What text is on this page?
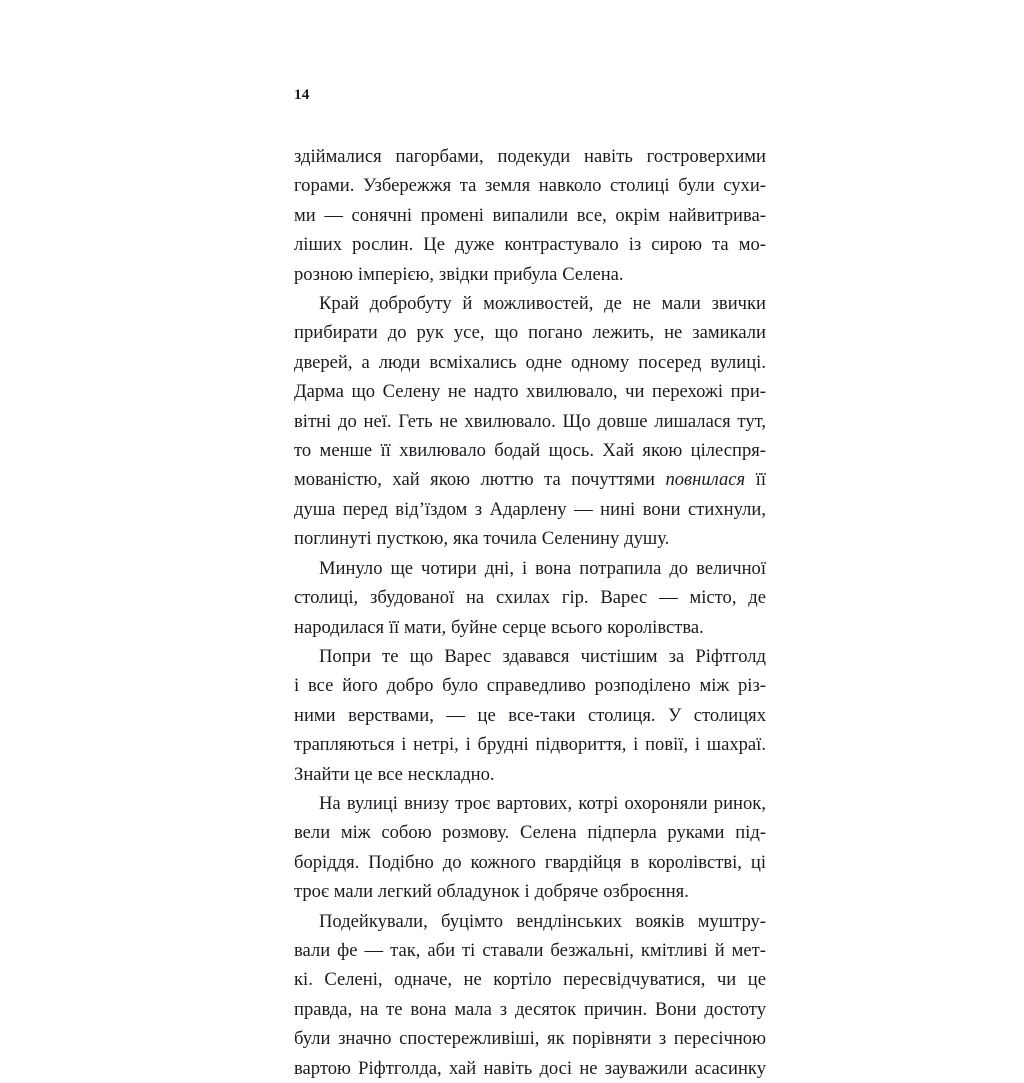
14

здіймалися пагорбами, подекуди навіть гостроверхими
горами. Узбережжя та земля навколо столиці були сухи-
ми — сонячні промені випалили все, окрім найвитрива-
ліших рослин. Це дуже контрастувало із сирою та мо-
розною імперією, звідки прибула Селена.

Край добробуту й можливостей, де не мали звички
прибирати до рук усе, що погано лежить, не замикали
дверей, а люди всміхались одне одному посеред вулиці.
Дарма що Селену не надто хвилювало, чи перехожі при-
вітні до неї. Геть не хвилювало. Що довше лишалася тут,
то менше її хвилювало бодай щось. Хай якою цілеспря-
мованістю, хай якою люттю та почуттями повнилася її
душа перед від’їздом з Адарлену — нині вони стихнули,
поглинуті пусткою, яка точила Селенину душу.

Минуло ще чотири дні, і вона потрапила до величної
столиці, збудованої на схилах гір. Варес — місто, де
народилася її мати, буйне серце всього королівства.

Попри те що Варес здавався чистішим за Ріфтголд
і все його добро було справедливо розподілено між різ-
ними верствами, — це все-таки столиця. У столицях
трапляються і нетрі, і брудні підвориття, і повії, і шахраї.
Знайти це все нескладно.

На вулиці внизу троє вартових, котрі охороняли ринок,
вели між собою розмову. Селена підперла руками під-
боріддя. Подібно до кожного гвардійця в королівстві, ці
троє мали легкий обладунок і добряче озброєння.

Подейкували, буцімто вендлінських вояків муштру-
вали фе — так, аби ті ставали безжальні, кмітливі й мет-
кі. Селені, одначе, не кортіло пересвідчуватися, чи це
правда, на те вона мала з десяток причин. Вони достоту
були значно спостережливіші, як порівняти з пересічною
вартою Ріфтголда, хай навіть досі не зауважили асасинку
